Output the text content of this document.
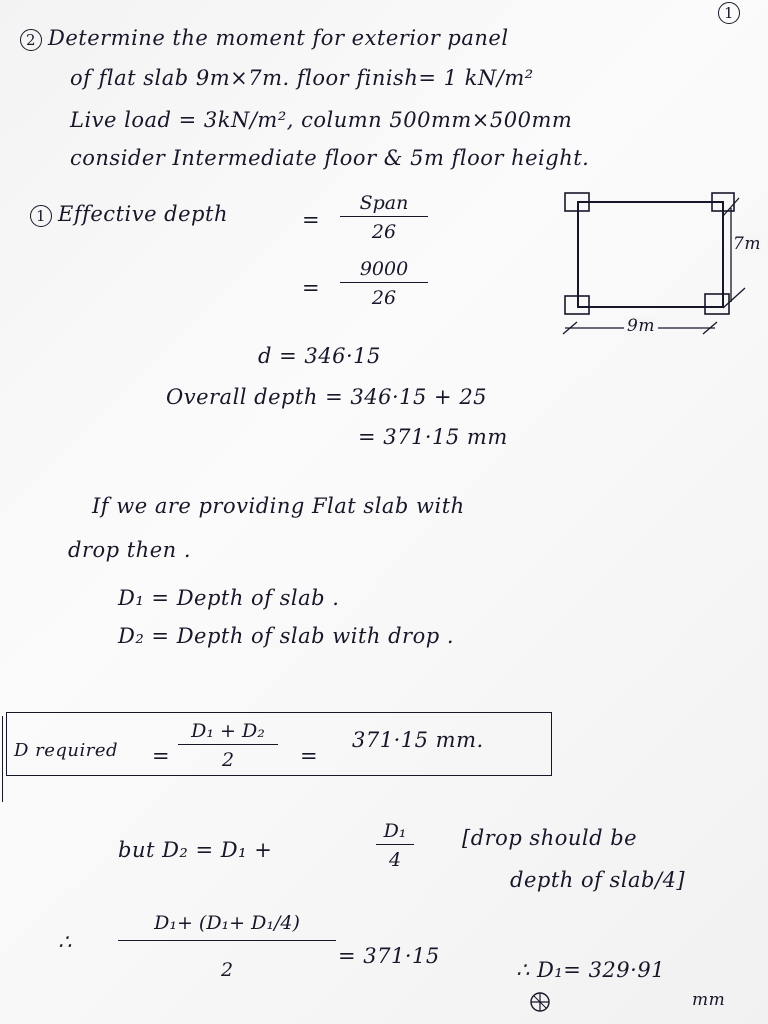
1
2 Determine the moment for exterior panel
of flat slab 9m×7m. floor finish= 1 kN/m²
Live load = 3kN/m², column 500mm×500mm
consider Intermediate floor & 5m floor height.
1 Effective depth	=
Span
26
=
9000
26
d = 346·15
Overall depth = 346·15 + 25
= 371·15 mm
7m
9m
If we are providing Flat slab with
drop then .
D₁ = Depth of slab .
D₂ = Depth of slab with drop .
D required =
D₁ + D₂
2	=
371·15 mm.
but D₂ = D₁ +
D₁
4
[drop should be
depth of slab/4]
∴
D₁+ (D₁+ D₁/4)
2
= 371·15
∴ D₁= 329·91
mm
